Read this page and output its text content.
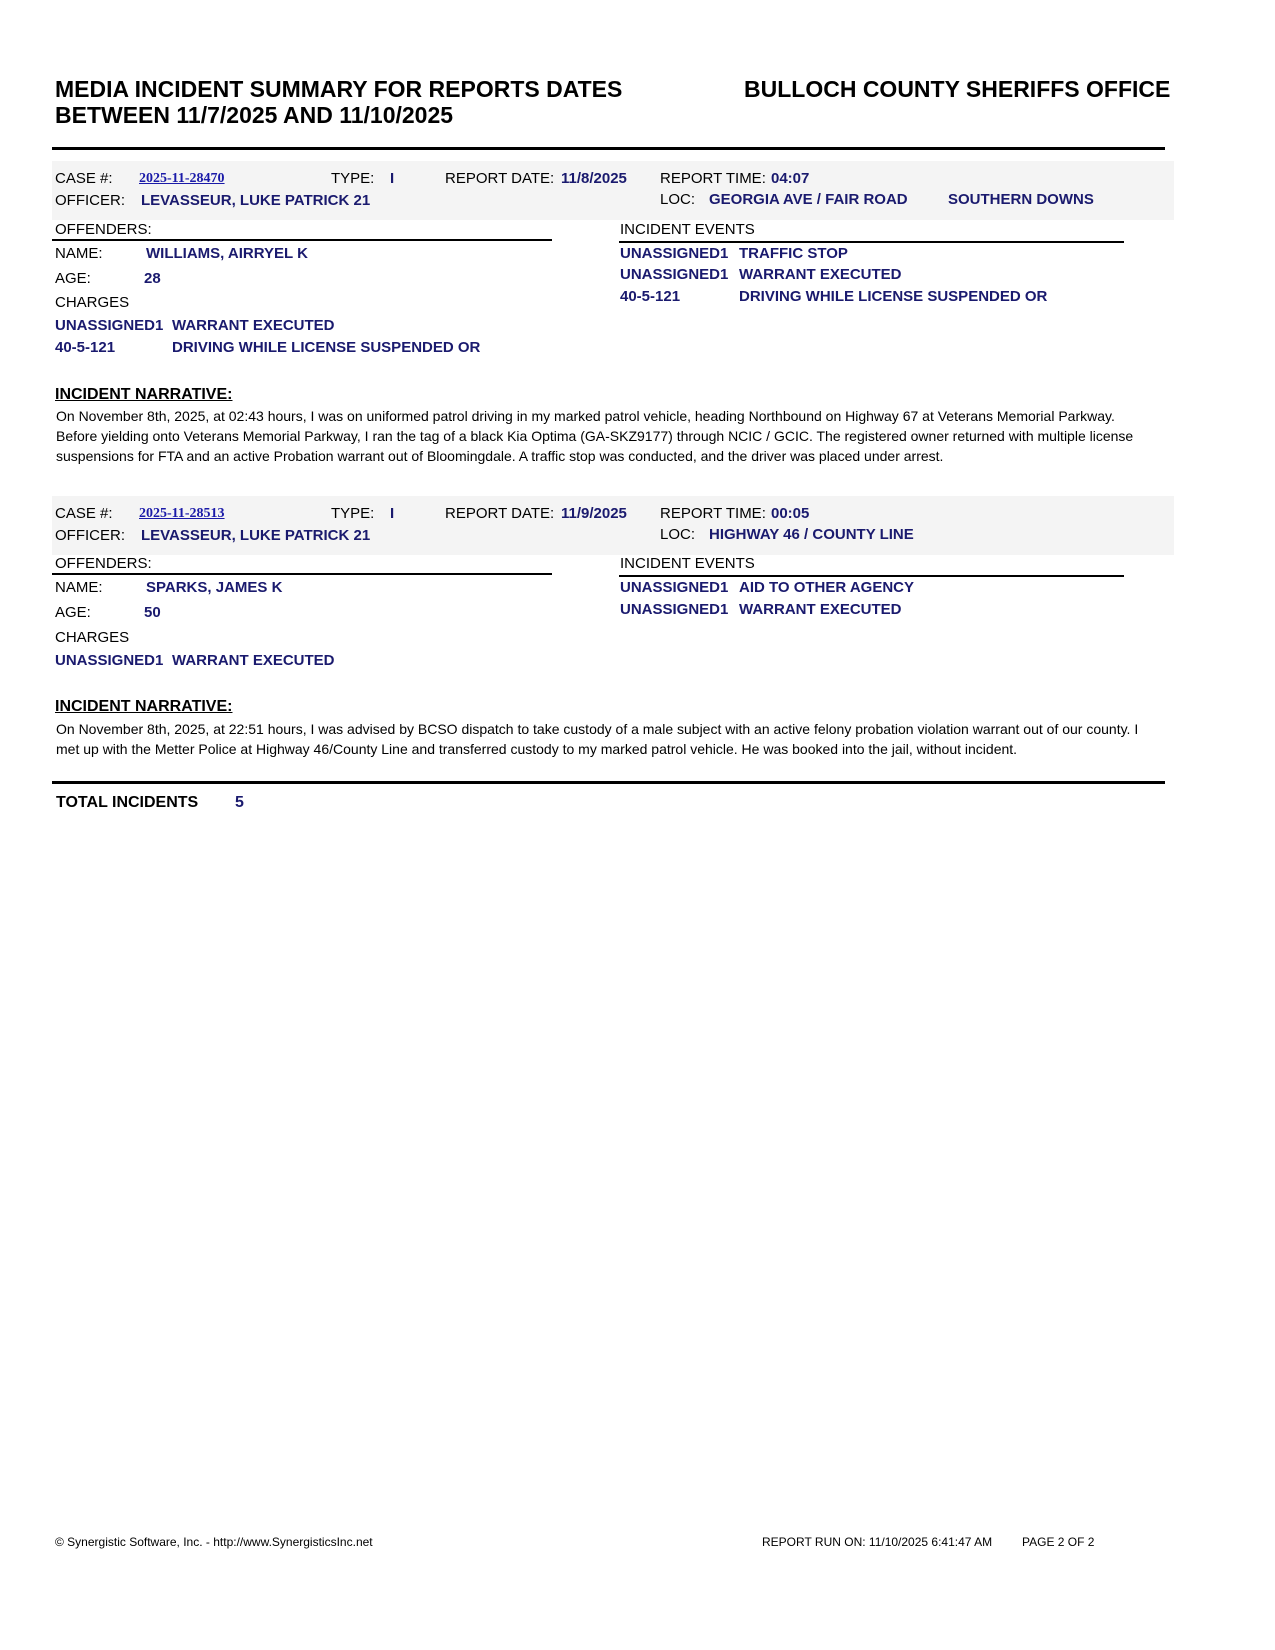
MEDIA INCIDENT SUMMARY FOR REPORTS DATES
BETWEEN 11/7/2025 AND 11/10/2025
BULLOCH COUNTY SHERIFFS OFFICE
CASE #: 2025-11-28470	TYPE: I	REPORT DATE: 11/8/2025 REPORT TIME: 04:07
OFFICER: LEVASSEUR, LUKE PATRICK 21	LOC: GEORGIA AVE / FAIR ROAD	SOUTHERN DOWNS
OFFENDERS:
NAME:	WILLIAMS, AIRRYEL K
AGE:	28
CHARGES
UNASSIGNED1 WARRANT EXECUTED
40-5-121	DRIVING WHILE LICENSE SUSPENDED OR
INCIDENT EVENTS
UNASSIGNED1 TRAFFIC STOP
UNASSIGNED1 WARRANT EXECUTED
40-5-121	DRIVING WHILE LICENSE SUSPENDED OR
INCIDENT NARRATIVE:
On November 8th, 2025, at 02:43 hours, I was on uniformed patrol driving in my marked patrol vehicle, heading Northbound on Highway 67 at Veterans Memorial Parkway. Before yielding onto Veterans Memorial Parkway, I ran the tag of a black Kia Optima (GA-SKZ9177) through NCIC / GCIC. The registered owner returned with multiple license suspensions for FTA and an active Probation warrant out of Bloomingdale. A traffic stop was conducted, and the driver was placed under arrest.
CASE #: 2025-11-28513	TYPE: I	REPORT DATE: 11/9/2025 REPORT TIME: 00:05
OFFICER: LEVASSEUR, LUKE PATRICK 21	LOC: HIGHWAY 46 / COUNTY LINE
OFFENDERS:
NAME:	SPARKS, JAMES K
AGE:	50
CHARGES
UNASSIGNED1 WARRANT EXECUTED
INCIDENT EVENTS
UNASSIGNED1 AID TO OTHER AGENCY
UNASSIGNED1 WARRANT EXECUTED
INCIDENT NARRATIVE:
On November 8th, 2025, at 22:51 hours, I was advised by BCSO dispatch to take custody of a male subject with an active felony probation violation warrant out of our county. I met up with the Metter Police at Highway 46/County Line and transferred custody to my marked patrol vehicle. He was booked into the jail, without incident.
TOTAL INCIDENTS 5
© Synergistic Software, Inc. - http://www.SynergisticsInc.net	REPORT RUN ON: 11/10/2025 6:41:47 AM PAGE 2 OF 2
